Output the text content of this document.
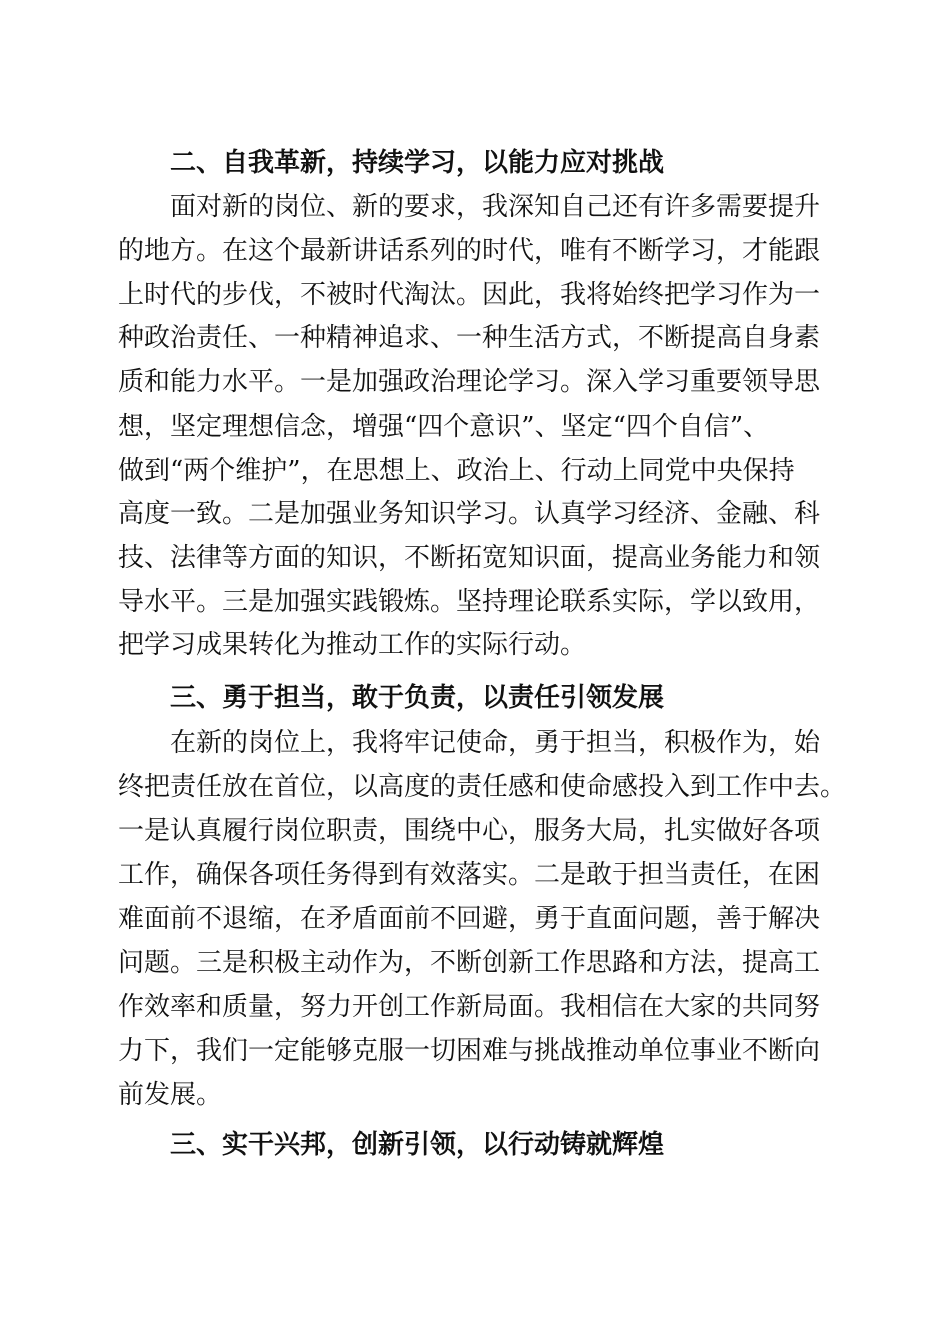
二、自我革新，持续学习，以能力应对挑战
面对新的岗位、新的要求，我深知自己还有许多需要提升
的地方。在这个最新讲话系列的时代，唯有不断学习，才能跟
上时代的步伐，不被时代淘汰。因此，我将始终把学习作为一
种政治责任、一种精神追求、一种生活方式，不断提高自身素
质和能力水平。一是加强政治理论学习。深入学习重要领导思
想，坚定理想信念，增强“四个意识”、坚定“四个自信”、
做到“两个维护”，在思想上、政治上、行动上同党中央保持
高度一致。二是加强业务知识学习。认真学习经济、金融、科
技、法律等方面的知识，不断拓宽知识面，提高业务能力和领
导水平。三是加强实践锻炼。坚持理论联系实际，学以致用，
把学习成果转化为推动工作的实际行动。
三、勇于担当，敢于负责，以责任引领发展
在新的岗位上，我将牢记使命，勇于担当，积极作为，始
终把责任放在首位，以高度的责任感和使命感投入到工作中去。
一是认真履行岗位职责，围绕中心，服务大局，扎实做好各项
工作，确保各项任务得到有效落实。二是敢于担当责任，在困
难面前不退缩，在矛盾面前不回避，勇于直面问题，善于解决
问题。三是积极主动作为，不断创新工作思路和方法，提高工
作效率和质量，努力开创工作新局面。我相信在大家的共同努
力下，我们一定能够克服一切困难与挑战推动单位事业不断向
前发展。
三、实干兴邦，创新引领，以行动铸就辉煌
